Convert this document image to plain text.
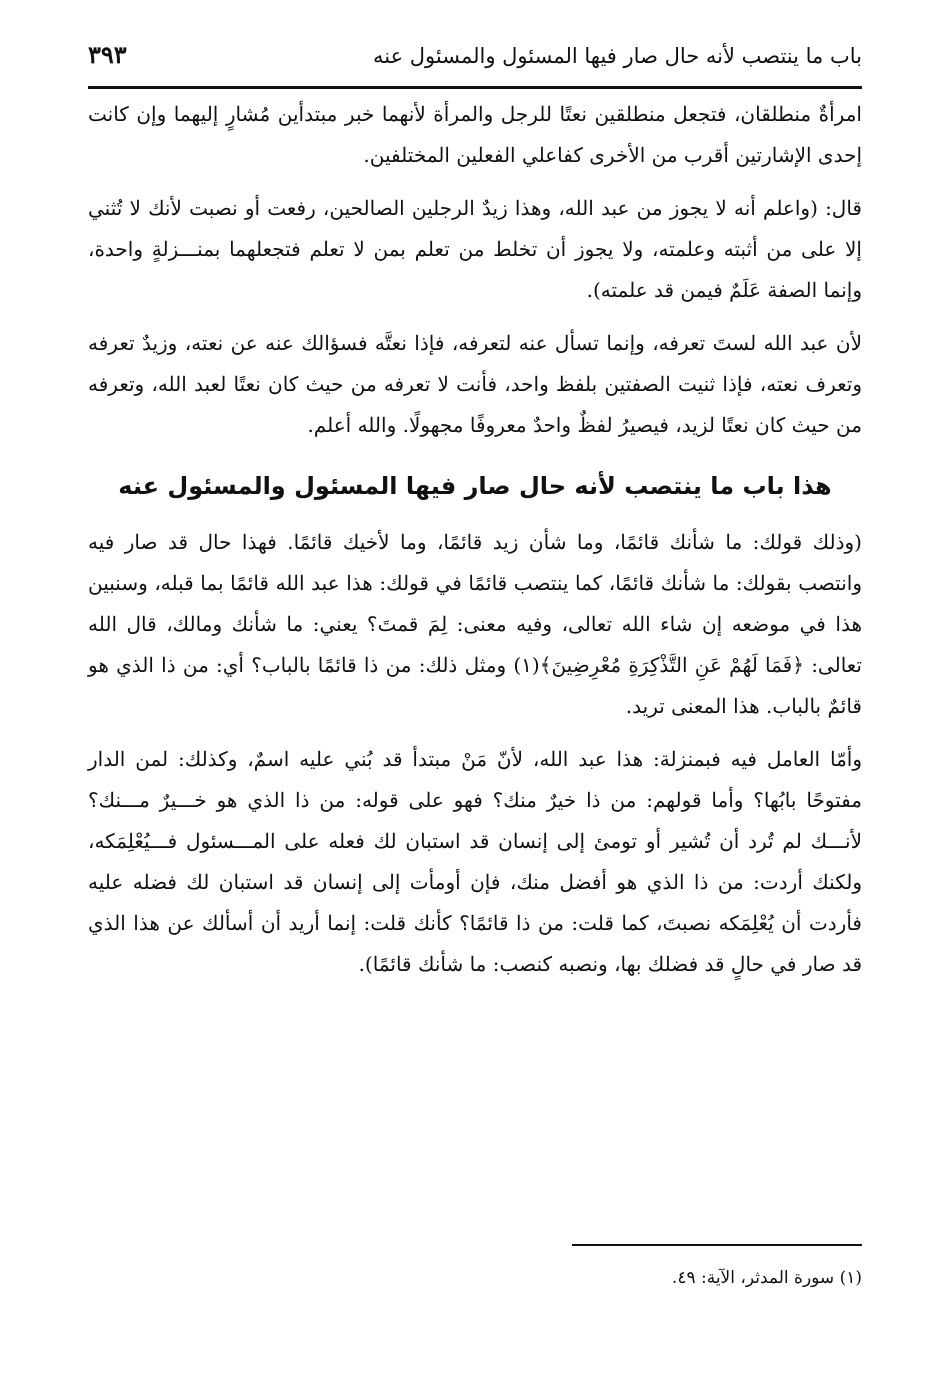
باب ما ينتصب لأنه حال صار فيها المسئول والمسئول عنه
٣٩٣

امرأةٌ منطلقان، فتجعل منطلقين نعتًا للرجل والمرأة لأنهما خبر مبتدأين مُشارٍ إليهما وإن كانت إحدى الإشارتين أقرب من الأخرى كفاعلي الفعلين المختلفين.

قال: (واعلم أنه لا يجوز من عبد الله، وهذا زيدٌ الرجلين الصالحين، رفعت أو نصبت لأنك لا تُثني إلا على من أثبته وعلمته، ولا يجوز أن تخلط من تعلم بمن لا تعلم فتجعلهما بمنـــزلةٍ واحدة، وإنما الصفة عَلَمٌ فيمن قد علمته).

لأن عبد الله لستَ تعرفه، وإنما تسأل عنه لتعرفه، فإذا نعتَّه فسؤالك عنه عن نعته، وزيدٌ تعرفه وتعرف نعته، فإذا ثنيت الصفتين بلفظ واحد، فأنت لا تعرفه من حيث كان نعتًا لعبد الله، وتعرفه من حيث كان نعتًا لزيد، فيصيرُ لفظٌ واحدٌ معروفًا مجهولًا. والله أعلم.

هذا باب ما ينتصب لأنه حال صار فيها المسئول والمسئول عنه

(وذلك قولك: ما شأنك قائمًا، وما شأن زيد قائمًا، وما لأخيك قائمًا. فهذا حال قد صار فيه وانتصب بقولك: ما شأنك قائمًا، كما ينتصب قائمًا في قولك: هذا عبد الله قائمًا بما قبله، وسنبين هذا في موضعه إن شاء الله تعالى، وفيه معنى: لِمَ قمتَ؟ يعني: ما شأنك ومالك، قال الله تعالى: ﴿فَمَا لَهُمْ عَنِ التَّذْكِرَةِ مُعْرِضِينَ﴾(١) ومثل ذلك: من ذا قائمًا بالباب؟ أي: من ذا الذي هو قائمٌ بالباب. هذا المعنى تريد.

وأمّا العامل فيه فبمنزلة: هذا عبد الله، لأنّ مَنْ مبتدأ قد بُني عليه اسمٌ، وكذلك: لمن الدار مفتوحًا بابُها؟ وأما قولهم: من ذا خيرٌ منك؟ فهو على قوله: من ذا الذي هو خـــيرٌ مـــنك؟ لأنـــك لم تُرد أن تُشير أو تومئ إلى إنسان قد استبان لك فعله على المـــسئول فـــيُعْلِمَكه، ولكنك أردت: من ذا الذي هو أفضل منك، فإن أومأت إلى إنسان قد استبان لك فضله عليه فأردت أن يُعْلِمَكه نصبتَ، كما قلت: من ذا قائمًا؟ كأنك قلت: إنما أريد أن أسألك عن هذا الذي قد صار في حالٍ قد فضلك بها، ونصبه كنصب: ما شأنك قائمًا).

(١) سورة المدثر، الآية: ٤٩.
